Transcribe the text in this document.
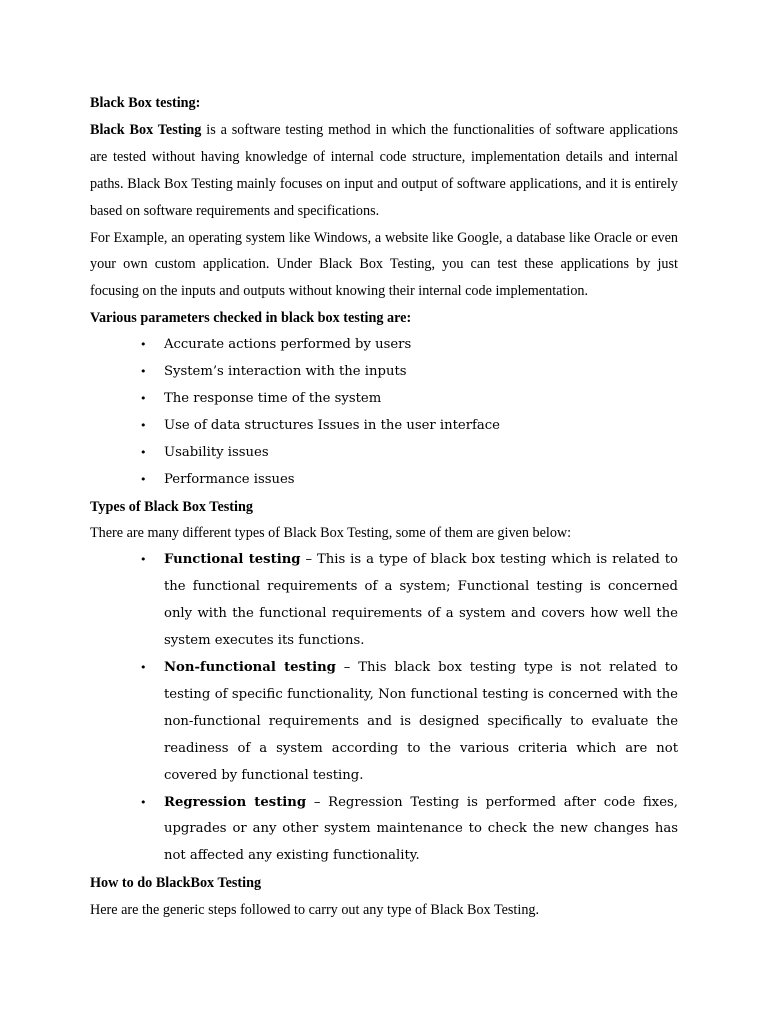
Black Box testing:

Black Box Testing is a software testing method in which the functionalities of software applications are tested without having knowledge of internal code structure, implementation details and internal paths. Black Box Testing mainly focuses on input and output of software applications, and it is entirely based on software requirements and specifications.

For Example, an operating system like Windows, a website like Google, a database like Oracle or even your own custom application. Under Black Box Testing, you can test these applications by just focusing on the inputs and outputs without knowing their internal code implementation.

Various parameters checked in black box testing are:

• Accurate actions performed by users
• System’s interaction with the inputs
• The response time of the system
• Use of data structures Issues in the user interface
• Usability issues
• Performance issues

Types of Black Box Testing

There are many different types of Black Box Testing, some of them are given below:

• Functional testing – This is a type of black box testing which is related to the functional requirements of a system; Functional testing is concerned only with the functional requirements of a system and covers how well the system executes its functions.
• Non-functional testing – This black box testing type is not related to testing of specific functionality, Non functional testing is concerned with the non-functional requirements and is designed specifically to evaluate the readiness of a system according to the various criteria which are not covered by functional testing.
• Regression testing – Regression Testing is performed after code fixes, upgrades or any other system maintenance to check the new changes has not affected any existing functionality.

How to do BlackBox Testing

Here are the generic steps followed to carry out any type of Black Box Testing.
